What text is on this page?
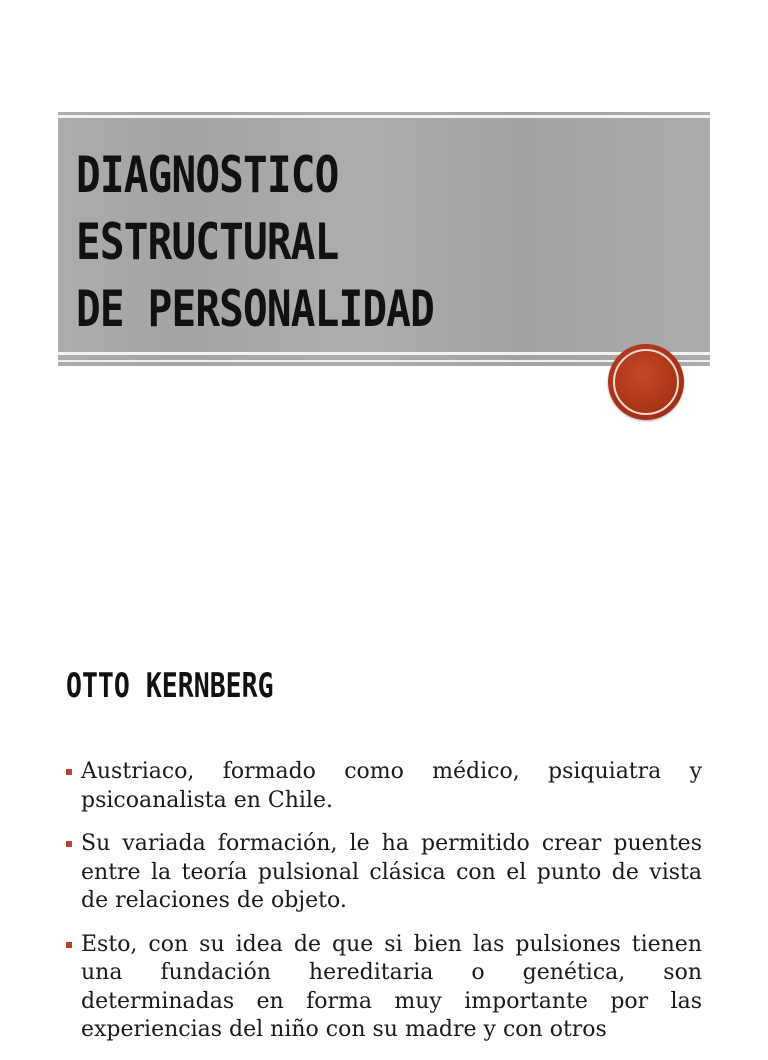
DIAGNOSTICO
ESTRUCTURAL
DE PERSONALIDAD
OTTO KERNBERG
Austriaco, formado como médico, psiquiatra y psicoanalista en Chile.
Su variada formación, le ha permitido crear puentes entre la teoría pulsional clásica con el punto de vista de relaciones de objeto.
Esto, con su idea de que si bien las pulsiones tienen una fundación hereditaria o genética, son determinadas en forma muy importante por las experiencias del niño con su madre y con otros
